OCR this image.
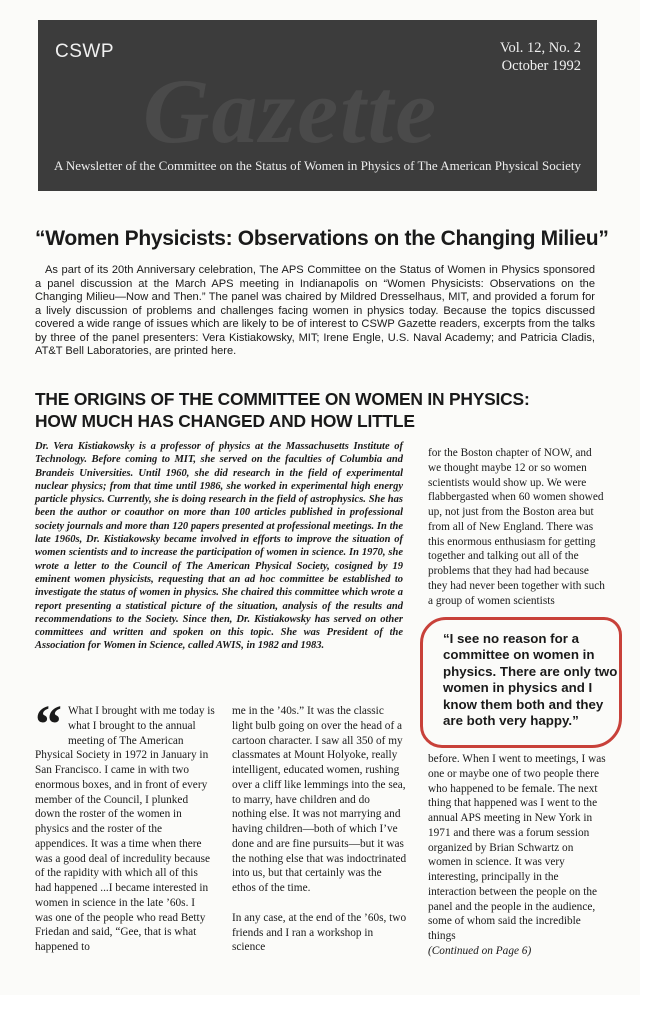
Gazette
CSWP	Vol. 12, No. 2
October 1992
A Newsletter of the Committee on the Status of Women in Physics of The American Physical Society
“Women Physicists: Observations on the Changing Milieu”
As part of its 20th Anniversary celebration, The APS Committee on the Status of Women in Physics sponsored a panel discussion at the March APS meeting in Indianapolis on “Women Physicists: Observations on the Changing Milieu—Now and Then.” The panel was chaired by Mildred Dresselhaus, MIT, and provided a forum for a lively discussion of problems and challenges facing women in physics today. Because the topics discussed covered a wide range of issues which are likely to be of interest to CSWP Gazette readers, excerpts from the talks by three of the panel presenters: Vera Kistiakowsky, MIT; Irene Engle, U.S. Naval Academy; and Patricia Cladis, AT&T Bell Laboratories, are printed here.
THE ORIGINS OF THE COMMITTEE ON WOMEN IN PHYSICS:
HOW MUCH HAS CHANGED AND HOW LITTLE
Dr. Vera Kistiakowsky is a professor of physics at the Massachusetts Institute of Technology. Before coming to MIT, she served on the faculties of Columbia and Brandeis Universities. Until 1960, she did research in the field of experimental nuclear physics; from that time until 1986, she worked in experimental high energy particle physics. Currently, she is doing research in the field of astrophysics. She has been the author or coauthor on more than 100 articles published in professional society journals and more than 120 papers presented at professional meetings. In the late 1960s, Dr. Kistiakowsky became involved in efforts to improve the situation of women scientists and to increase the participation of women in science. In 1970, she wrote a letter to the Council of The American Physical Society, cosigned by 19 eminent women physicists, requesting that an ad hoc committee be established to investigate the status of women in physics. She chaired this committee which wrote a report presenting a statistical picture of the situation, analysis of the results and recommendations to the Society. Since then, Dr. Kistiakowsky has served on other committees and written and spoken on this topic. She was President of the Association for Women in Science, called AWIS, in 1982 and 1983.

for the Boston chapter of NOW, and we thought maybe 12 or so women scientists would show up. We were flabbergasted when 60 women showed up, not just from the Boston area but from all of New England. There was this enormous enthusiasm for getting together and talking out all of the problems that they had had because they had never been together with such a group of women scientists

“I see no reason for a committee on women in physics. There are only two women in physics and I know them both and they are both very happy.”
“ What I brought with me today is what I brought to the annual meeting of The American Physical Society in 1972 in January in San Francisco. I came in with two enormous boxes, and in front of every member of the Council, I plunked down the roster of the women in physics and the roster of the appendices. It was a time when there was a good deal of incredulity because of the rapidity with which all of this had happened ...I became interested in women in science in the late ’60s. I was one of the people who read Betty Friedan and said, “Gee, that is what happened to

me in the ’40s.” It was the classic light bulb going on over the head of a cartoon character. I saw all 350 of my classmates at Mount Holyoke, really intelligent, educated women, rushing over a cliff like lemmings into the sea, to marry, have children and do nothing else. It was not marrying and having children—both of which I’ve done and are fine pursuits—but it was the nothing else that was indoctrinated into us, but that certainly was the ethos of the time.

In any case, at the end of the ’60s, two friends and I ran a workshop in science

before. When I went to meetings, I was one or maybe one of two people there who happened to be female. The next thing that happened was I went to the annual APS meeting in New York in 1971 and there was a forum session organized by Brian Schwartz on women in science. It was very interesting, principally in the interaction between the people on the panel and the people in the audience, some of whom said the incredible things

(Continued on Page 6)
